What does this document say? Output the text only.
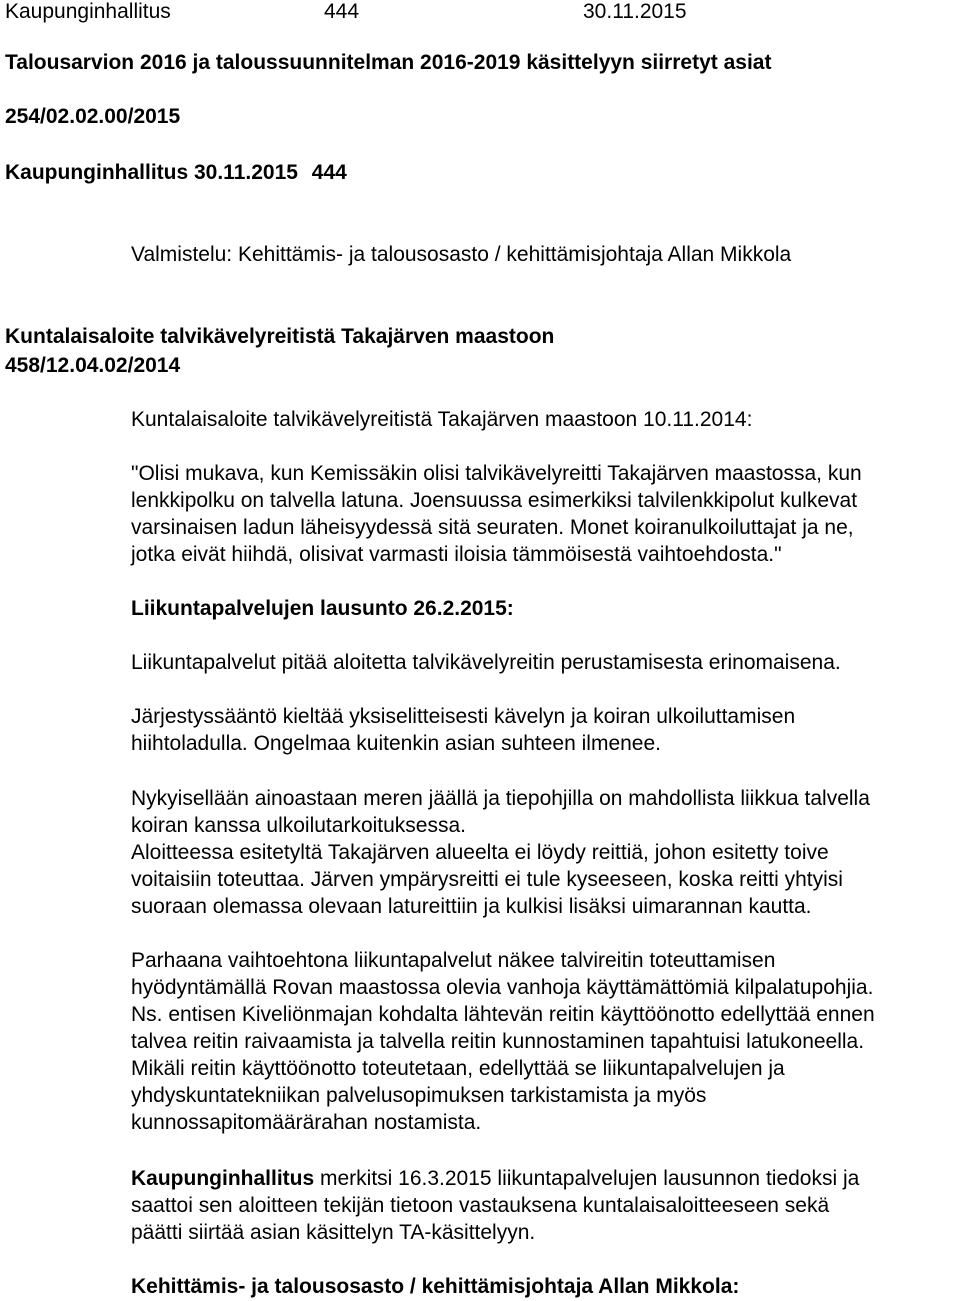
Kaupunginhallitus	444	30.11.2015
Talousarvion 2016 ja taloussuunnitelman 2016-2019 käsittelyyn siirretyt asiat
254/02.02.00/2015
Kaupunginhallitus 30.11.2015 444
Valmistelu: Kehittämis- ja talousosasto / kehittämisjohtaja Allan Mikkola
Kuntalaisaloite talvikävelyreitistä Takajärven maastoon
458/12.04.02/2014
Kuntalaisaloite talvikävelyreitistä Takajärven maastoon 10.11.2014:
"Olisi mukava, kun Kemissäkin olisi talvikävelyreitti Takajärven maastossa, kun
lenkkipolku on talvella latuna. Joensuussa esimerkiksi talvilenkkipolut kulkevat
varsinaisen ladun läheisyydessä sitä seuraten. Monet koiranulkoiluttajat ja ne,
jotka eivät hiihdä, olisivat varmasti iloisia tämmöisestä vaihtoehdosta."
Liikuntapalvelujen lausunto 26.2.2015:
Liikuntapalvelut pitää aloitetta talvikävelyreitin perustamisesta erinomaisena.
Järjestyssääntö kieltää yksiselitteisesti kävelyn ja koiran ulkoiluttamisen
hiihtoladulla. Ongelmaa kuitenkin asian suhteen ilmenee.
Nykyisellään ainoastaan meren jäällä ja tiepohjilla on mahdollista liikkua talvella
koiran kanssa ulkoilutarkoituksessa.
Aloitteessa esitetyltä Takajärven alueelta ei löydy reittiä, johon esitetty toive
voitaisiin toteuttaa. Järven ympärysreitti ei tule kyseeseen, koska reitti yhtyisi
suoraan olemassa olevaan latureittiin ja kulkisi lisäksi uimarannan kautta.
Parhaana vaihtoehtona liikuntapalvelut näkee talvireitin toteuttamisen
hyödyntämällä Rovan maastossa olevia vanhoja käyttämättömiä kilpalatupohjia.
Ns. entisen Kiveliönmajan kohdalta lähtevän reitin käyttöönotto edellyttää ennen
talvea reitin raivaamista ja talvella reitin kunnostaminen tapahtuisi latukoneella.
Mikäli reitin käyttöönotto toteutetaan, edellyttää se liikuntapalvelujen ja
yhdyskuntatekniikan palvelusopimuksen tarkistamista ja myös
kunnossapitomäärärahan nostamista.
Kaupunginhallitus merkitsi 16.3.2015 liikuntapalvelujen lausunnon tiedoksi ja
saattoi sen aloitteen tekijän tietoon vastauksena kuntalaisaloitteeseen sekä
päätti siirtää asian käsittelyn TA-käsittelyyn.
Kehittämis- ja talousosasto / kehittämisjohtaja Allan Mikkola:
